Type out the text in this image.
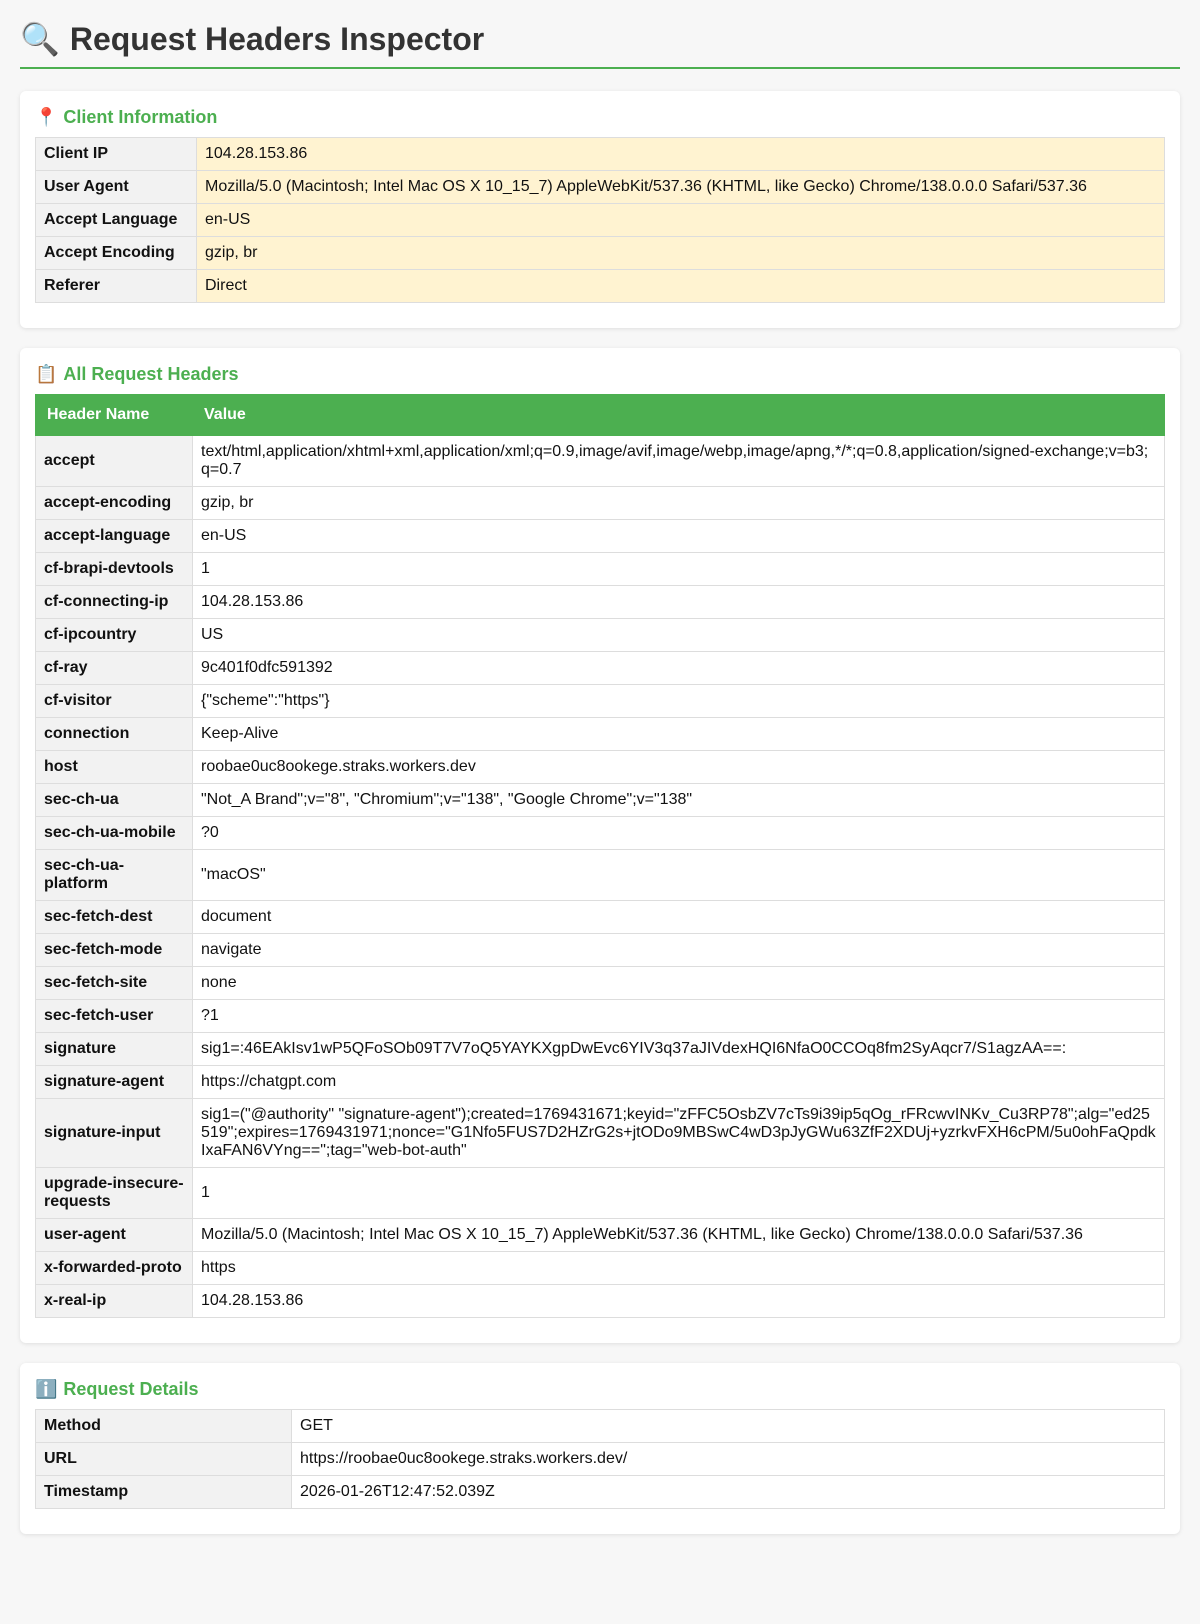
🔍 Request Headers Inspector
📍 Client Information
Client IP	104.28.153.86
User Agent	Mozilla/5.0 (Macintosh; Intel Mac OS X 10_15_7) AppleWebKit/537.36 (KHTML, like Gecko) Chrome/138.0.0.0 Safari/537.36
Accept Language	en-US
Accept Encoding	gzip, br
Referer	Direct
📋 All Request Headers
Header Name	Value
accept	text/html,application/xhtml+xml,application/xml;q=0.9,image/avif,image/webp,image/apng,*/*;q=0.8,application/signed-exchange;v=b3;q=0.7
accept-encoding	gzip, br
accept-language	en-US
cf-brapi-devtools	1
cf-connecting-ip	104.28.153.86
cf-ipcountry	US
cf-ray	9c401f0dfc591392
cf-visitor	{"scheme":"https"}
connection	Keep-Alive
host	roobae0uc8ookege.straks.workers.dev
sec-ch-ua	"Not_A Brand";v="8", "Chromium";v="138", "Google Chrome";v="138"
sec-ch-ua-mobile	?0
sec-ch-ua-platform	"macOS"
sec-fetch-dest	document
sec-fetch-mode	navigate
sec-fetch-site	none
sec-fetch-user	?1
signature	sig1=:46EAkIsv1wP5QFoSOb09T7V7oQ5YAYKXgpDwEvc6YIV3q37aJIVdexHQI6NfaO0CCOq8fm2SyAqcr7/S1agzAA==:
signature-agent	https://chatgpt.com
signature-input	sig1=("@authority" "signature-agent");created=1769431671;keyid="zFFC5OsbZV7cTs9i39ip5qOg_rFRcwvINKv_Cu3RP78";alg="ed25519";expires=1769431971;nonce="G1Nfo5FUS7D2HZrG2s+jtODo9MBSwC4wD3pJyGWu63ZfF2XDUj+yzrkvFXH6cPM/5u0ohFaQpdkIxaFAN6VYng==";tag="web-bot-auth"
upgrade-insecure-requests	1
user-agent	Mozilla/5.0 (Macintosh; Intel Mac OS X 10_15_7) AppleWebKit/537.36 (KHTML, like Gecko) Chrome/138.0.0.0 Safari/537.36
x-forwarded-proto	https
x-real-ip	104.28.153.86
ℹ️ Request Details
Method	GET
URL	https://roobae0uc8ookege.straks.workers.dev/
Timestamp	2026-01-26T12:47:52.039Z
